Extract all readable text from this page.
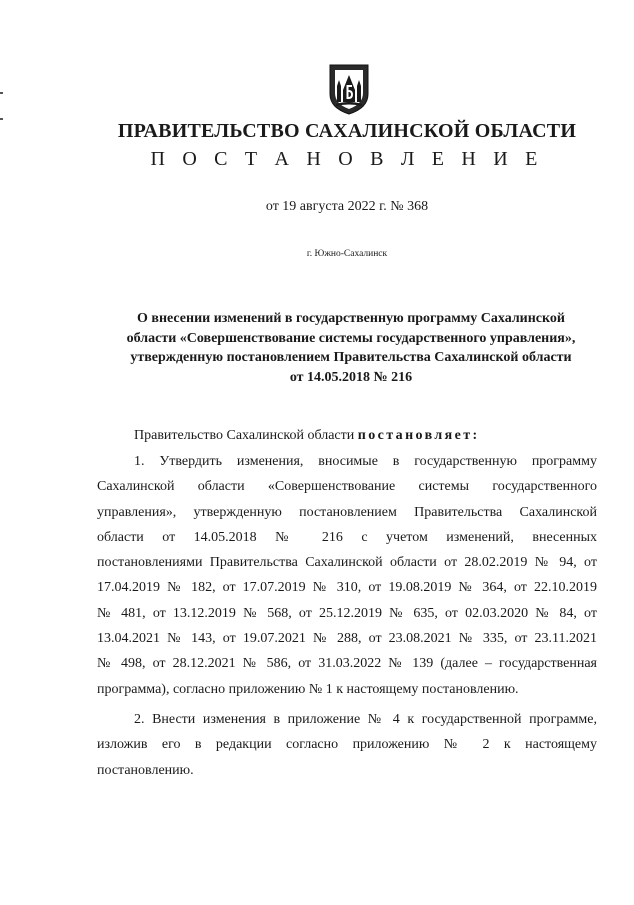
ПРАВИТЕЛЬСТВО САХАЛИНСКОЙ ОБЛАСТИ
П О С Т А Н О В Л Е Н И Е
от 19 августа 2022 г. № 368
г. Южно-Сахалинск
О внесении изменений в государственную программу Сахалинской
области «Совершенствование системы государственного управления»,
утвержденную постановлением Правительства Сахалинской области
от 14.05.2018 № 216
Правительство Сахалинской области постановляет:
1. Утвердить изменения, вносимые в государственную программу
Сахалинской области «Совершенствование системы государственного
управления», утвержденную постановлением Правительства Сахалинской
области от 14.05.2018 № 216 с учетом изменений, внесенных
постановлениями Правительства Сахалинской области от 28.02.2019 № 94, от
17.04.2019 № 182, от 17.07.2019 № 310, от 19.08.2019 № 364, от 22.10.2019
№ 481, от 13.12.2019 № 568, от 25.12.2019 № 635, от 02.03.2020 № 84, от
13.04.2021 № 143, от 19.07.2021 № 288, от 23.08.2021 № 335, от 23.11.2021
№ 498, от 28.12.2021 № 586, от 31.03.2022 № 139 (далее – государственная
программа), согласно приложению № 1 к настоящему постановлению.
2. Внести изменения в приложение № 4 к государственной программе,
изложив его в редакции согласно приложению № 2 к настоящему
постановлению.
